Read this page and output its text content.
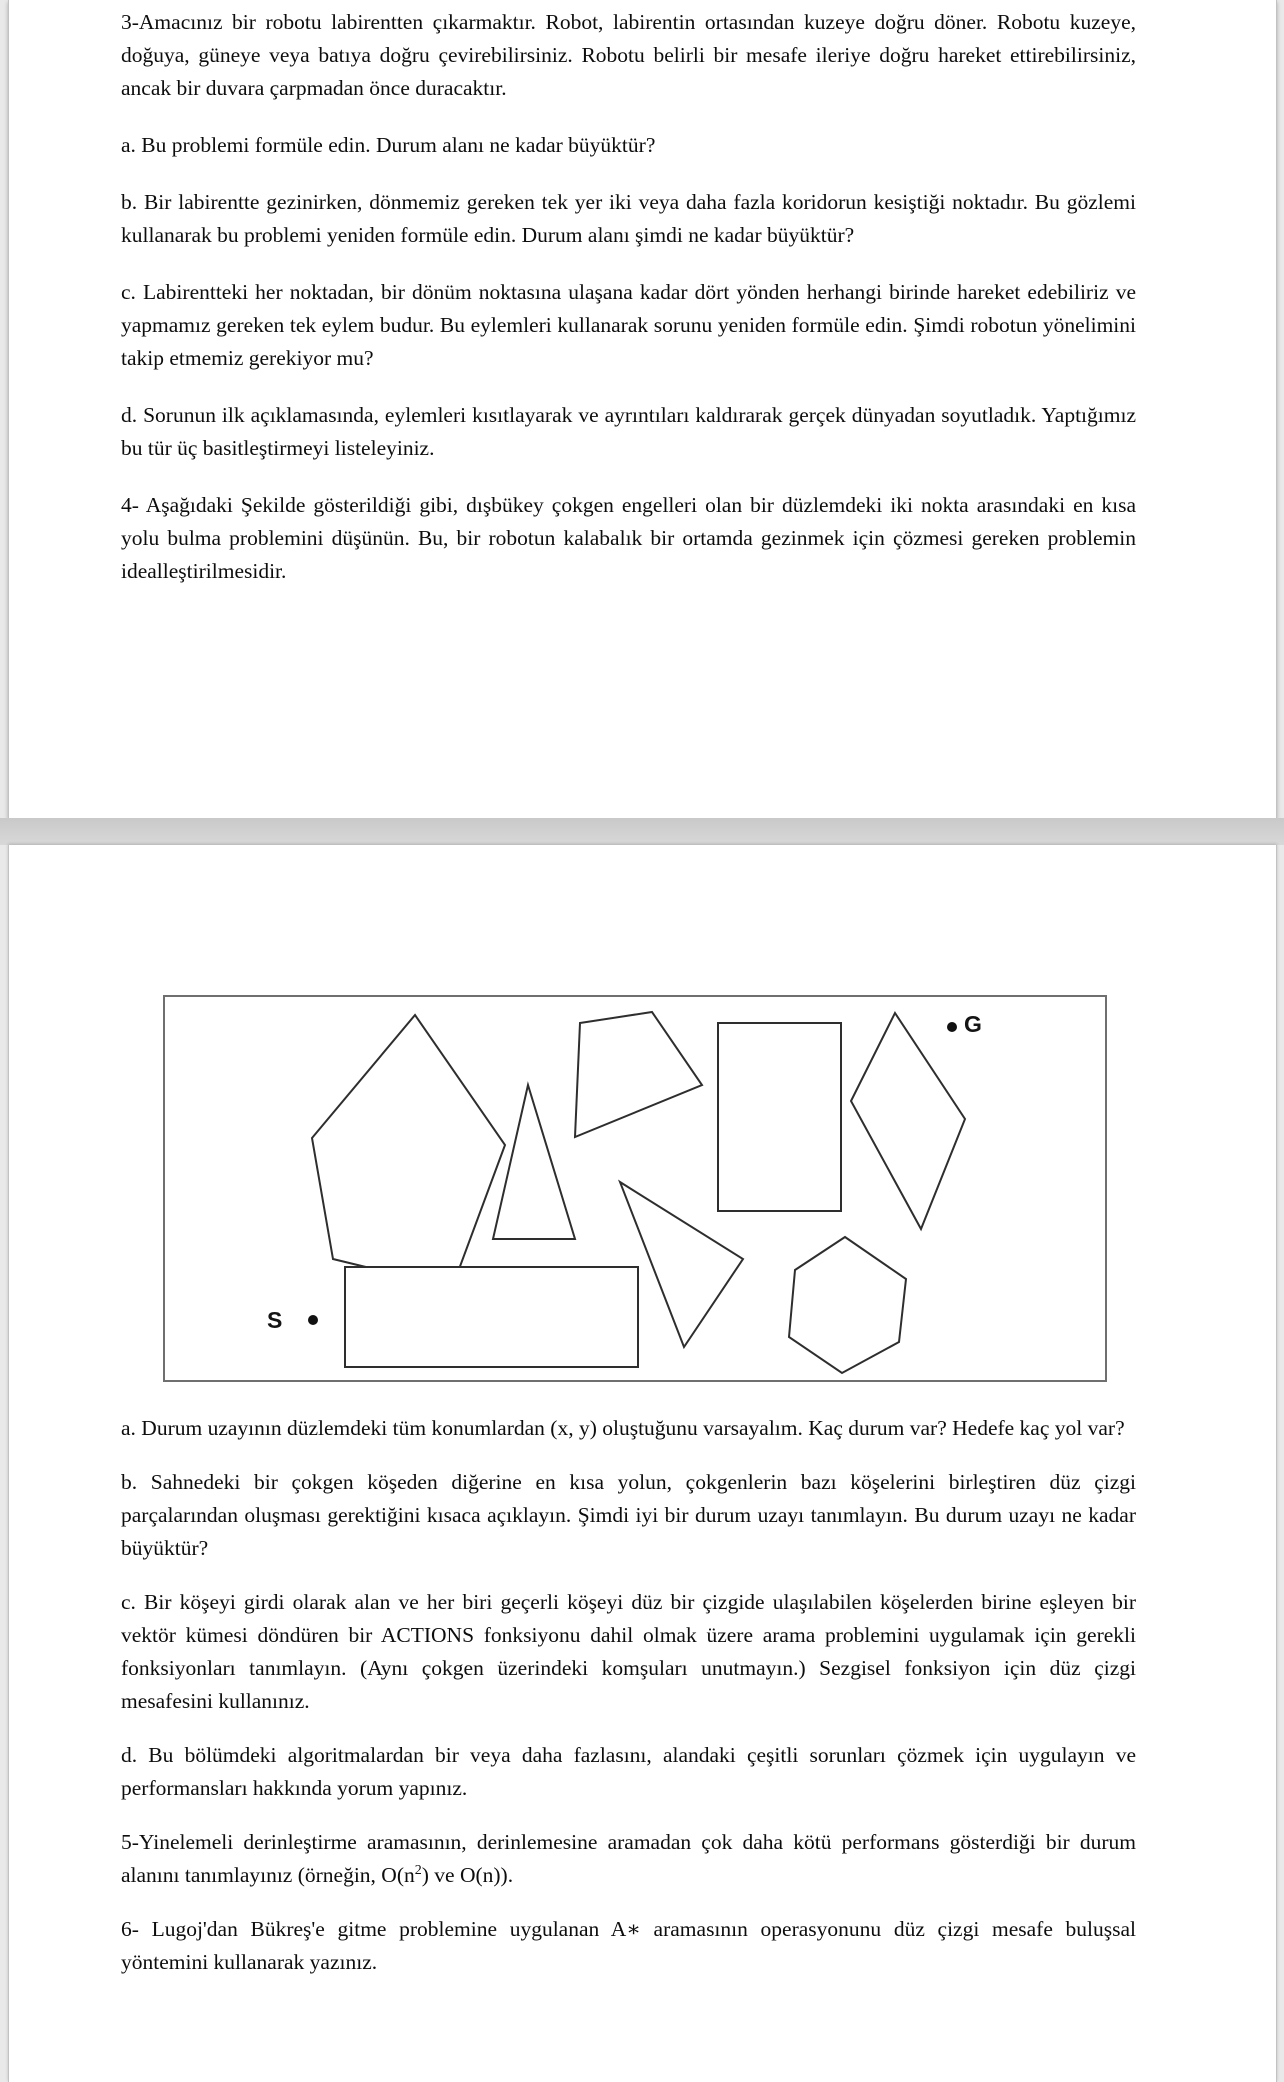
3-Amacınız bir robotu labirentten çıkarmaktır. Robot, labirentin ortasından kuzeye doğru döner. Robotu kuzeye, doğuya, güneye veya batıya doğru çevirebilirsiniz. Robotu belirli bir mesafe ileriye doğru hareket ettirebilirsiniz, ancak bir duvara çarpmadan önce duracaktır.

a. Bu problemi formüle edin. Durum alanı ne kadar büyüktür?

b. Bir labirentte gezinirken, dönmemiz gereken tek yer iki veya daha fazla koridorun kesiştiği noktadır. Bu gözlemi kullanarak bu problemi yeniden formüle edin. Durum alanı şimdi ne kadar büyüktür?

c. Labirentteki her noktadan, bir dönüm noktasına ulaşana kadar dört yönden herhangi birinde hareket edebiliriz ve yapmamız gereken tek eylem budur. Bu eylemleri kullanarak sorunu yeniden formüle edin. Şimdi robotun yönelimini takip etmemiz gerekiyor mu?

d. Sorunun ilk açıklamasında, eylemleri kısıtlayarak ve ayrıntıları kaldırarak gerçek dünyadan soyutladık. Yaptığımız bu tür üç basitleştirmeyi listeleyiniz.

4- Aşağıdaki Şekilde gösterildiği gibi, dışbükey çokgen engelleri olan bir düzlemdeki iki nokta arasındaki en kısa yolu bulma problemini düşünün. Bu, bir robotun kalabalık bir ortamda gezinmek için çözmesi gereken problemin idealleştirilmesidir.

S
G

a. Durum uzayının düzlemdeki tüm konumlardan (x, y) oluştuğunu varsayalım. Kaç durum var? Hedefe kaç yol var?

b. Sahnedeki bir çokgen köşeden diğerine en kısa yolun, çokgenlerin bazı köşelerini birleştiren düz çizgi parçalarından oluşması gerektiğini kısaca açıklayın. Şimdi iyi bir durum uzayı tanımlayın. Bu durum uzayı ne kadar büyüktür?

c. Bir köşeyi girdi olarak alan ve her biri geçerli köşeyi düz bir çizgide ulaşılabilen köşelerden birine eşleyen bir vektör kümesi döndüren bir ACTIONS fonksiyonu dahil olmak üzere arama problemini uygulamak için gerekli fonksiyonları tanımlayın. (Aynı çokgen üzerindeki komşuları unutmayın.) Sezgisel fonksiyon için düz çizgi mesafesini kullanınız.

d. Bu bölümdeki algoritmalardan bir veya daha fazlasını, alandaki çeşitli sorunları çözmek için uygulayın ve performansları hakkında yorum yapınız.

5-Yinelemeli derinleştirme aramasının, derinlemesine aramadan çok daha kötü performans gösterdiği bir durum alanını tanımlayınız (örneğin, $O(n^2)$ ve O(n)).

6- Lugoj'dan Bükreş'e gitme problemine uygulanan A∗ aramasının operasyonunu düz çizgi mesafe buluşsal yöntemini kullanarak yazınız.
